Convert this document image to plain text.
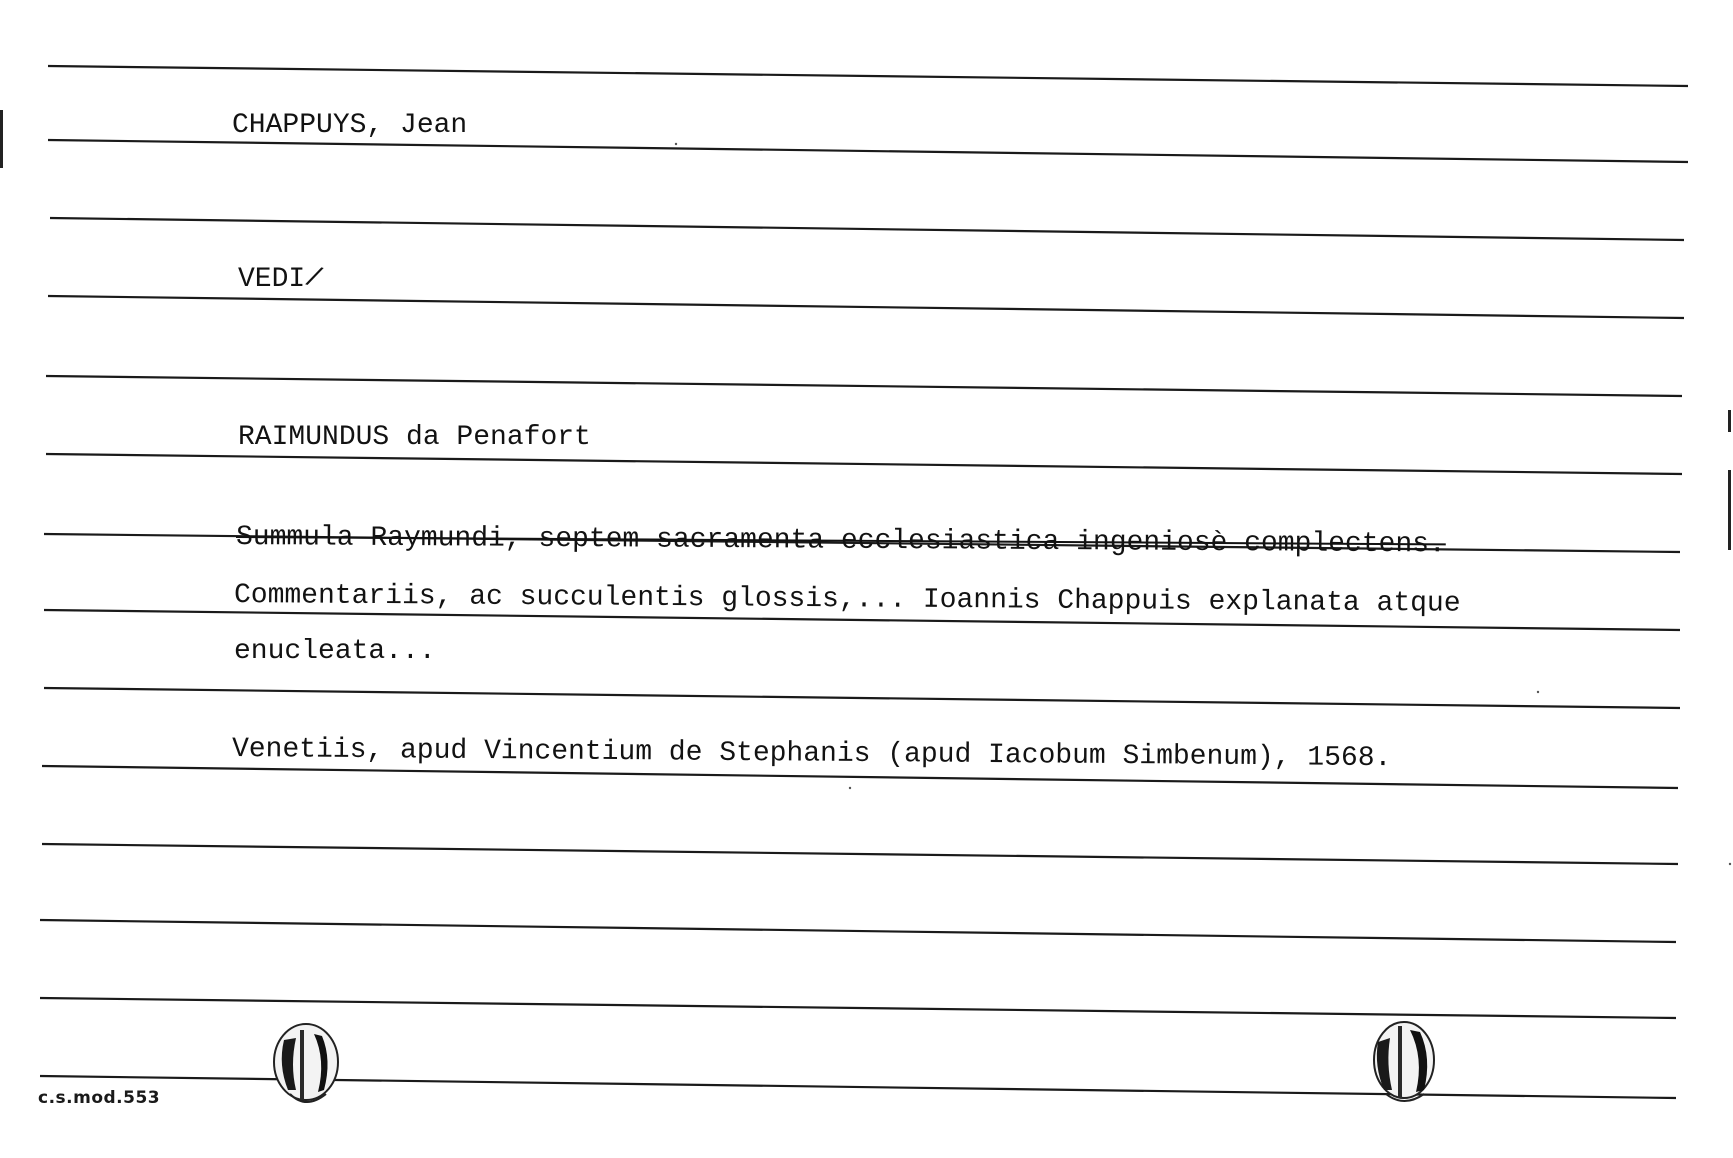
CHAPPUYS, Jean
VEDI/
RAIMUNDUS da Penafort
Summula Raymundi, septem sacramenta ecclesiastica ingeniosè complectens.
Commentariis, ac succulentis glossis,... Ioannis Chappuis explanata atque
enucleata...
Venetiis, apud Vincentium de Stephanis (apud Iacobum Simbenum), 1568.
c.s.mod.553
